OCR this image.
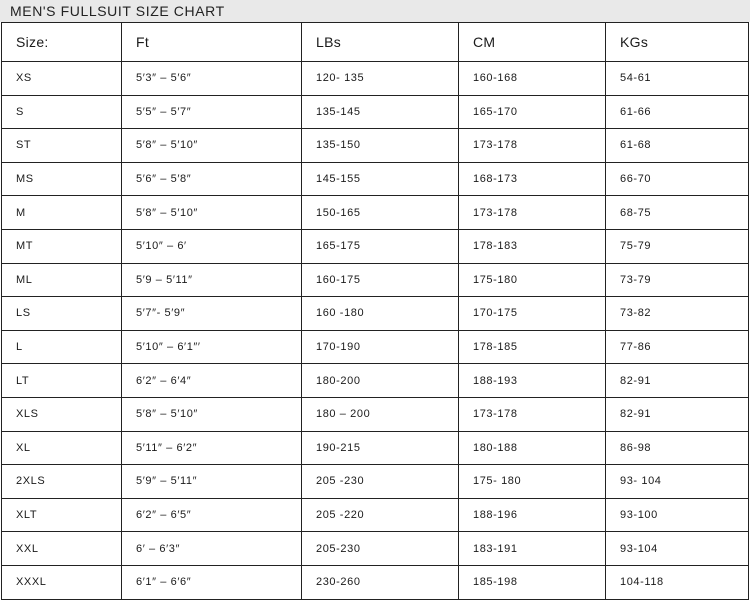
MEN'S FULLSUIT SIZE CHART
Size:	Ft	LBs	CM	KGs
XS	5′3″ – 5′6″	120- 135	160-168	54-61
S	5′5″ – 5′7″	135-145	165-170	61-66
ST	5′8″ – 5′10″	135-150	173-178	61-68
MS	5′6″ – 5′8″	145-155	168-173	66-70
M	5′8″ – 5′10″	150-165	173-178	68-75
MT	5′10″ – 6′	165-175	178-183	75-79
ML	5′9 – 5′11″	160-175	175-180	73-79
LS	5′7″- 5′9″	160 -180	170-175	73-82
L	5′10″ – 6′1″′	170-190	178-185	77-86
LT	6′2″ – 6′4″	180-200	188-193	82-91
XLS	5′8″ – 5′10″	180 – 200	173-178	82-91
XL	5′11″ – 6′2″	190-215	180-188	86-98
2XLS	5′9″ – 5′11″	205 -230	175- 180	93- 104
XLT	6′2″ – 6′5″	205 -220	188-196	93-100
XXL	6′ – 6′3″	205-230	183-191	93-104
XXXL	6′1″ – 6′6″	230-260	185-198	104-118
